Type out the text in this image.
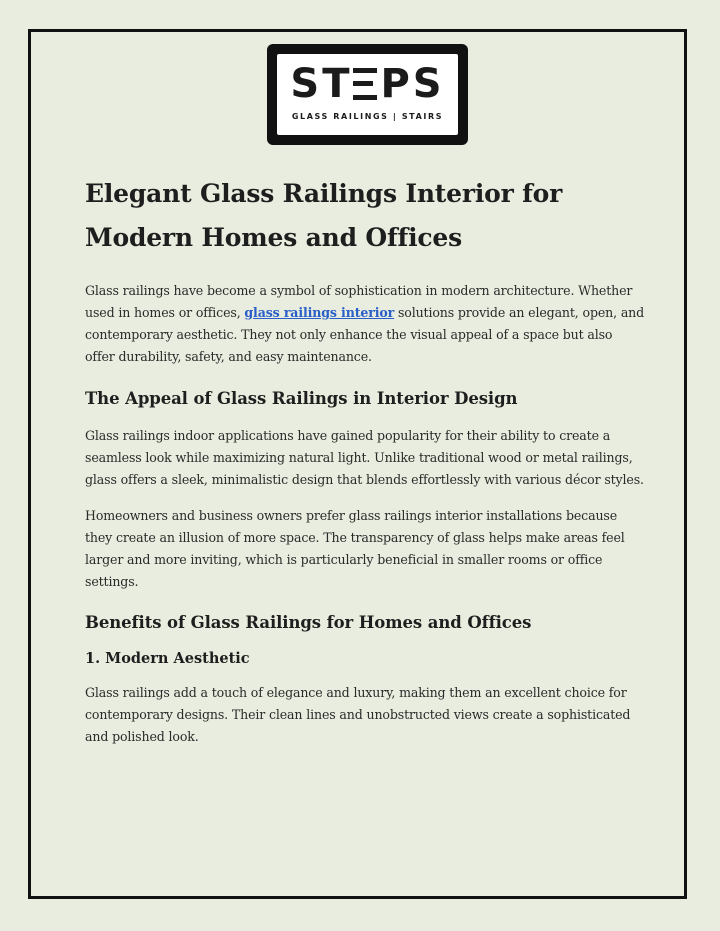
ST PS
GLASS RAILINGS | STAIRS
Elegant Glass Railings Interior for
Modern Homes and Offices

Glass railings have become a symbol of sophistication in modern architecture. Whether used in homes or offices, glass railings interior solutions provide an elegant, open, and contemporary aesthetic. They not only enhance the visual appeal of a space but also offer durability, safety, and easy maintenance.

The Appeal of Glass Railings in Interior Design

Glass railings indoor applications have gained popularity for their ability to create a seamless look while maximizing natural light. Unlike traditional wood or metal railings, glass offers a sleek, minimalistic design that blends effortlessly with various décor styles.

Homeowners and business owners prefer glass railings interior installations because they create an illusion of more space. The transparency of glass helps make areas feel larger and more inviting, which is particularly beneficial in smaller rooms or office settings.

Benefits of Glass Railings for Homes and Offices
1. Modern Aesthetic

Glass railings add a touch of elegance and luxury, making them an excellent choice for contemporary designs. Their clean lines and unobstructed views create a sophisticated and polished look.
